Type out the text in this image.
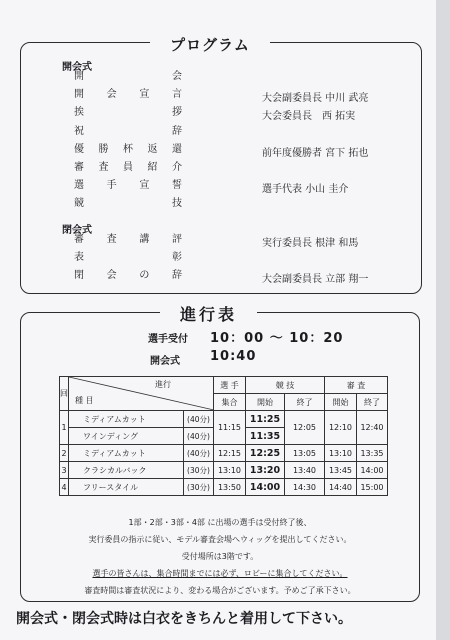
プログラム
開会式
開	会
開 会 宣 言
挨	拶
祝	辞
優 勝 杯 返 還
審 査 員 紹 介
選 手 宣 誓
競	技
大会副委員長 中川 武亮
大会委員長　西 拓実
前年度優勝者 宮下 拓也
選手代表 小山 圭介
閉会式
審 査 講 評
表	彰
閉 会 の 辞
実行委員長 根津 和馬
大会副委員長 立部 翔一
進行表
選手受付 10：00 〜 10：20
開会式 10:40
回	進行
種 目		選 手	競 技		審 査	
			集合	開始	終了	開始	終了
1	ミディアムカット	(40分)	11:15	11:25	12:05	12:10	12:40
	ワインディング	(40分)		11:35			
2	ミディアムカット	(40分)	12:15	12:25	13:05	13:10	13:35
3	クラシカルバック	(30分)	13:10	13:20	13:40	13:45	14:00
4	フリースタイル	(30分)	13:50	14:00	14:30	14:40	15:00
1部・2部・3部・4部 に出場の選手は受付終了後、
実行委員の指示に従い、モデル審査会場へウィッグを提出してください。
受付場所は3階です。
選手の皆さんは、集合時間までには必ず、ロビーに集合してください。
審査時間は審査状況により、変わる場合がございます。予めご了承下さい。
開会式・閉会式時は白衣をきちんと着用して下さい。
